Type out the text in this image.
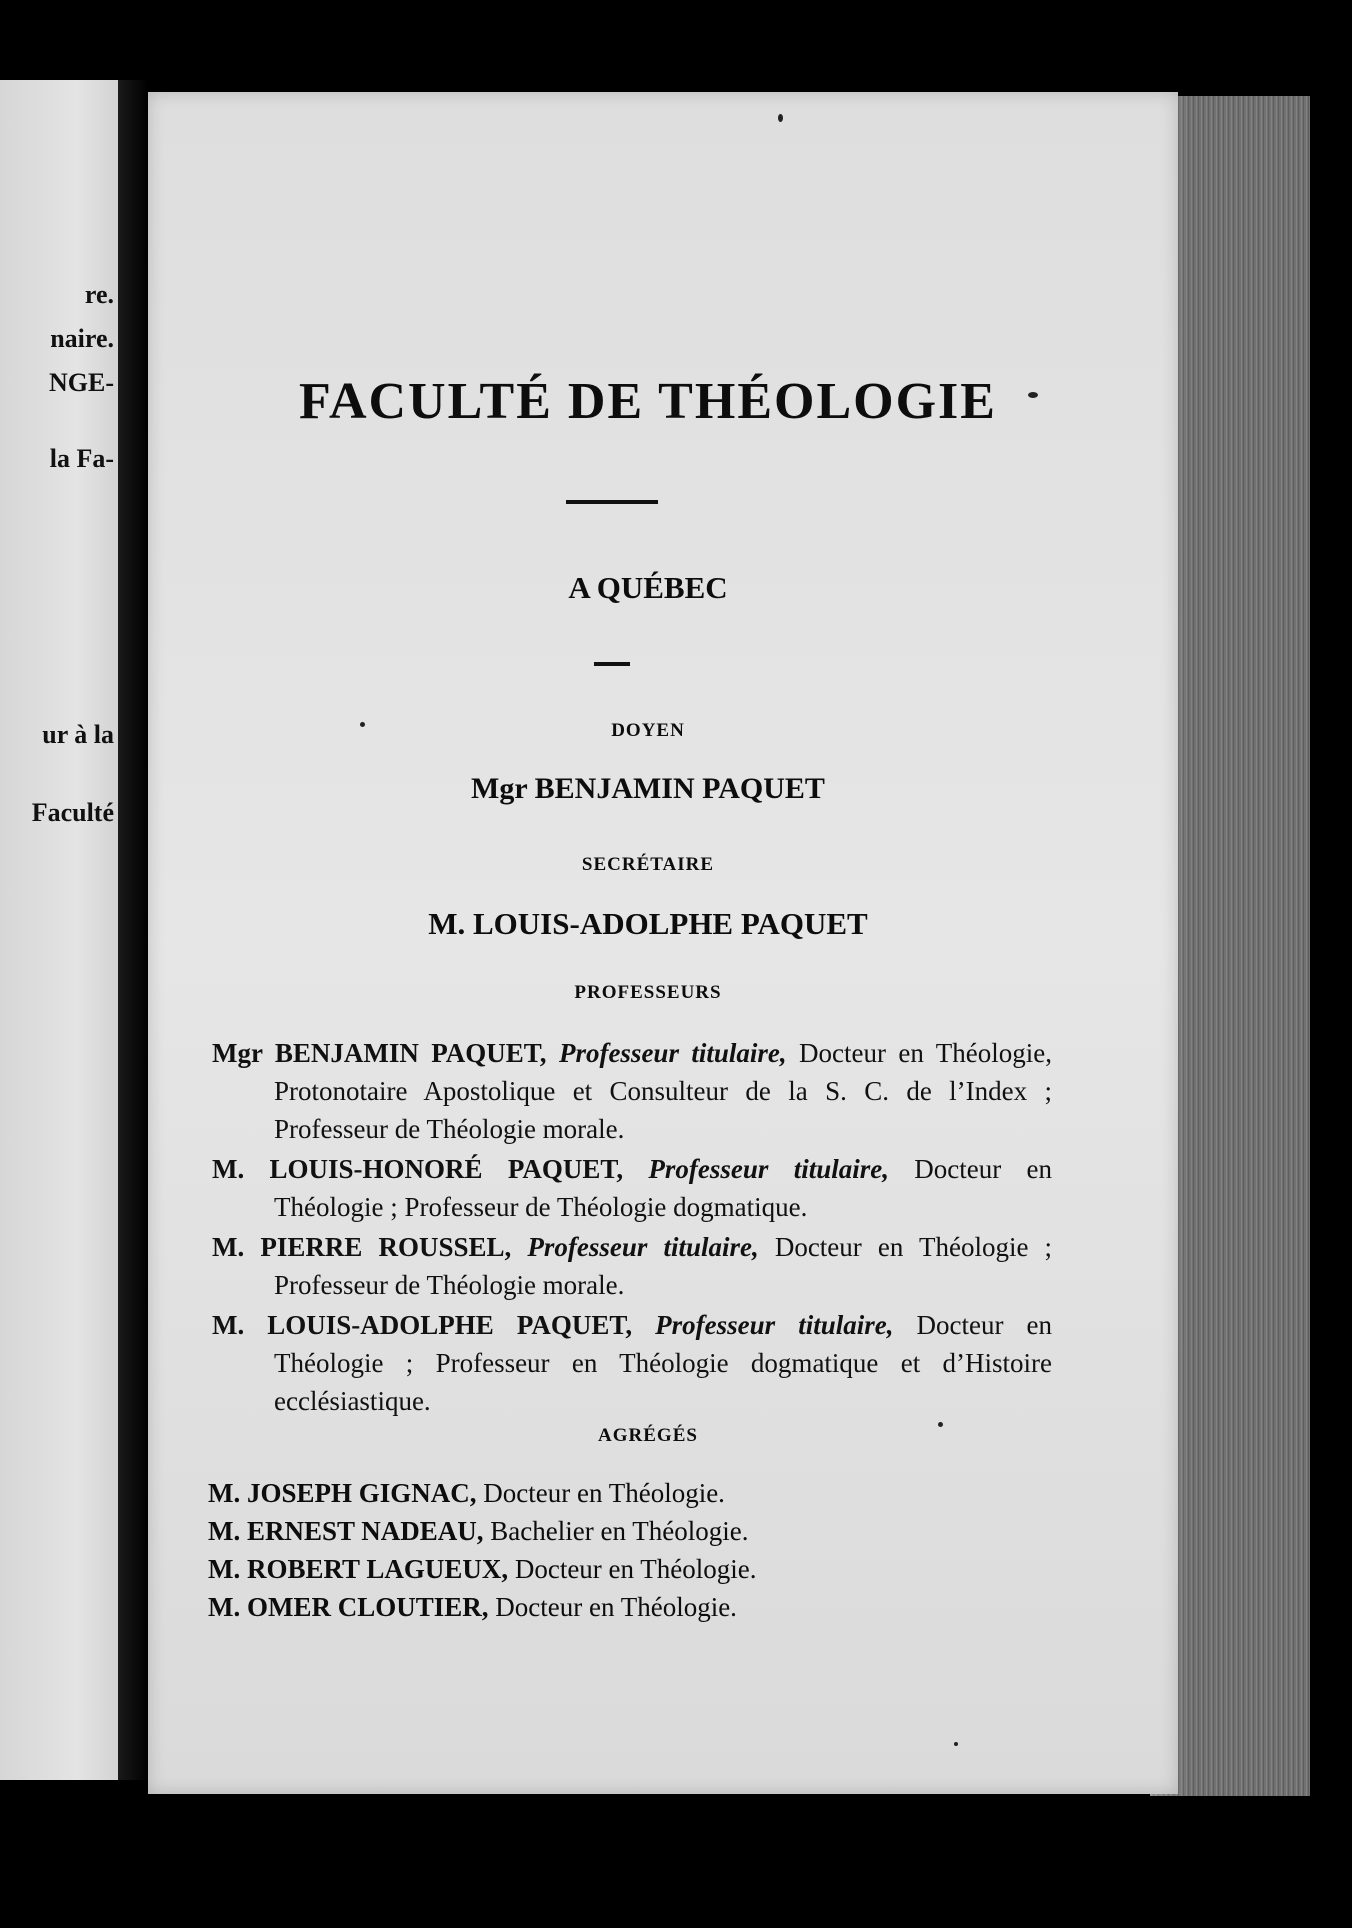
re.
naire.
NGE-
la Fa-
ur à la
Faculté
FACULTÉ DE THÉOLOGIE
A QUÉBEC
DOYEN
Mgr BENJAMIN PAQUET
SECRÉTAIRE
M. LOUIS-ADOLPHE PAQUET
PROFESSEURS

Mgr BENJAMIN PAQUET, Professeur titulaire, Docteur en Théologie, Protonotaire Apostolique et Consulteur de la S. C. de l’Index ; Professeur de Théologie morale.

M. LOUIS-HONORÉ PAQUET, Professeur titulaire, Docteur en Théologie ; Professeur de Théologie dogmatique.

M. PIERRE ROUSSEL, Professeur titulaire, Docteur en Théologie ; Professeur de Théologie morale.

M. LOUIS-ADOLPHE PAQUET, Professeur titulaire, Docteur en Théologie ; Professeur en Théologie dogmatique et d’Histoire ecclésiastique.

AGRÉGÉS
M. JOSEPH GIGNAC, Docteur en Théologie.
M. ERNEST NADEAU, Bachelier en Théologie.
M. ROBERT LAGUEUX, Docteur en Théologie.
M. OMER CLOUTIER, Docteur en Théologie.
